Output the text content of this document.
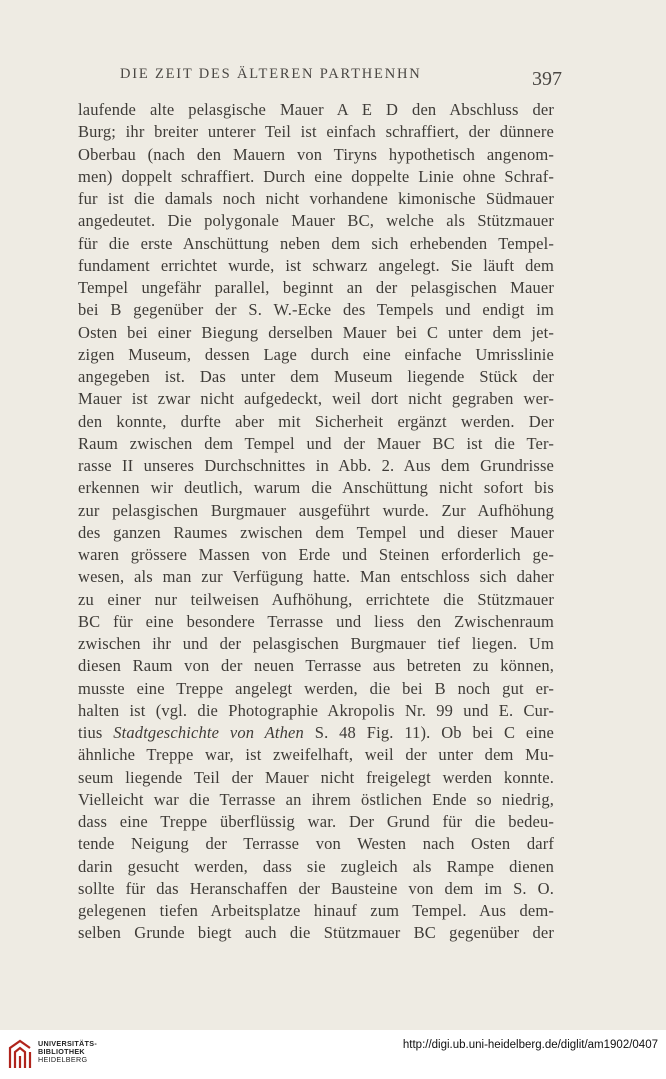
DIE ZEIT DES ÄLTEREN PARTHENHN	397
laufende alte pelasgische Mauer A E D den Abschluss der
Burg; ihr breiter unterer Teil ist einfach schraffiert, der dünnere
Oberbau (nach den Mauern von Tiryns hypothetisch angenom-
men) doppelt schraffiert. Durch eine doppelte Linie ohne Schraf-
fur ist die damals noch nicht vorhandene kimonische Südmauer
angedeutet. Die polygonale Mauer BC, welche als Stützmauer
für die erste Anschüttung neben dem sich erhebenden Tempel-
fundament errichtet wurde, ist schwarz angelegt. Sie läuft dem
Tempel ungefähr parallel, beginnt an der pelasgischen Mauer
bei B gegenüber der S. W.-Ecke des Tempels und endigt im
Osten bei einer Biegung derselben Mauer bei C unter dem jet-
zigen Museum, dessen Lage durch eine einfache Umrisslinie
angegeben ist. Das unter dem Museum liegende Stück der
Mauer ist zwar nicht aufgedeckt, weil dort nicht gegraben wer-
den konnte, durfte aber mit Sicherheit ergänzt werden. Der
Raum zwischen dem Tempel und der Mauer BC ist die Ter-
rasse II unseres Durchschnittes in Abb. 2. Aus dem Grundrisse
erkennen wir deutlich, warum die Anschüttung nicht sofort bis
zur pelasgischen Burgmauer ausgeführt wurde. Zur Aufhöhung
des ganzen Raumes zwischen dem Tempel und dieser Mauer
waren grössere Massen von Erde und Steinen erforderlich ge-
wesen, als man zur Verfügung hatte. Man entschloss sich daher
zu einer nur teilweisen Aufhöhung, errichtete die Stützmauer
BC für eine besondere Terrasse und liess den Zwischenraum
zwischen ihr und der pelasgischen Burgmauer tief liegen. Um
diesen Raum von der neuen Terrasse aus betreten zu können,
musste eine Treppe angelegt werden, die bei B noch gut er-
halten ist (vgl. die Photographie Akropolis Nr. 99 und E. Cur-
tius Stadtgeschichte von Athen S. 48 Fig. 11). Ob bei C eine
ähnliche Treppe war, ist zweifelhaft, weil der unter dem Mu-
seum liegende Teil der Mauer nicht freigelegt werden konnte.
Vielleicht war die Terrasse an ihrem östlichen Ende so niedrig,
dass eine Treppe überflüssig war. Der Grund für die bedeu-
tende Neigung der Terrasse von Westen nach Osten darf
darin gesucht werden, dass sie zugleich als Rampe dienen
sollte für das Heranschaffen der Bausteine von dem im S. O.
gelegenen tiefen Arbeitsplatze hinauf zum Tempel. Aus dem-
selben Grunde biegt auch die Stützmauer BC gegenüber der
UNIVERSITÄTS-
BIBLIOTHEK
HEIDELBERG
http://digi.ub.uni-heidelberg.de/diglit/am1902/0407
